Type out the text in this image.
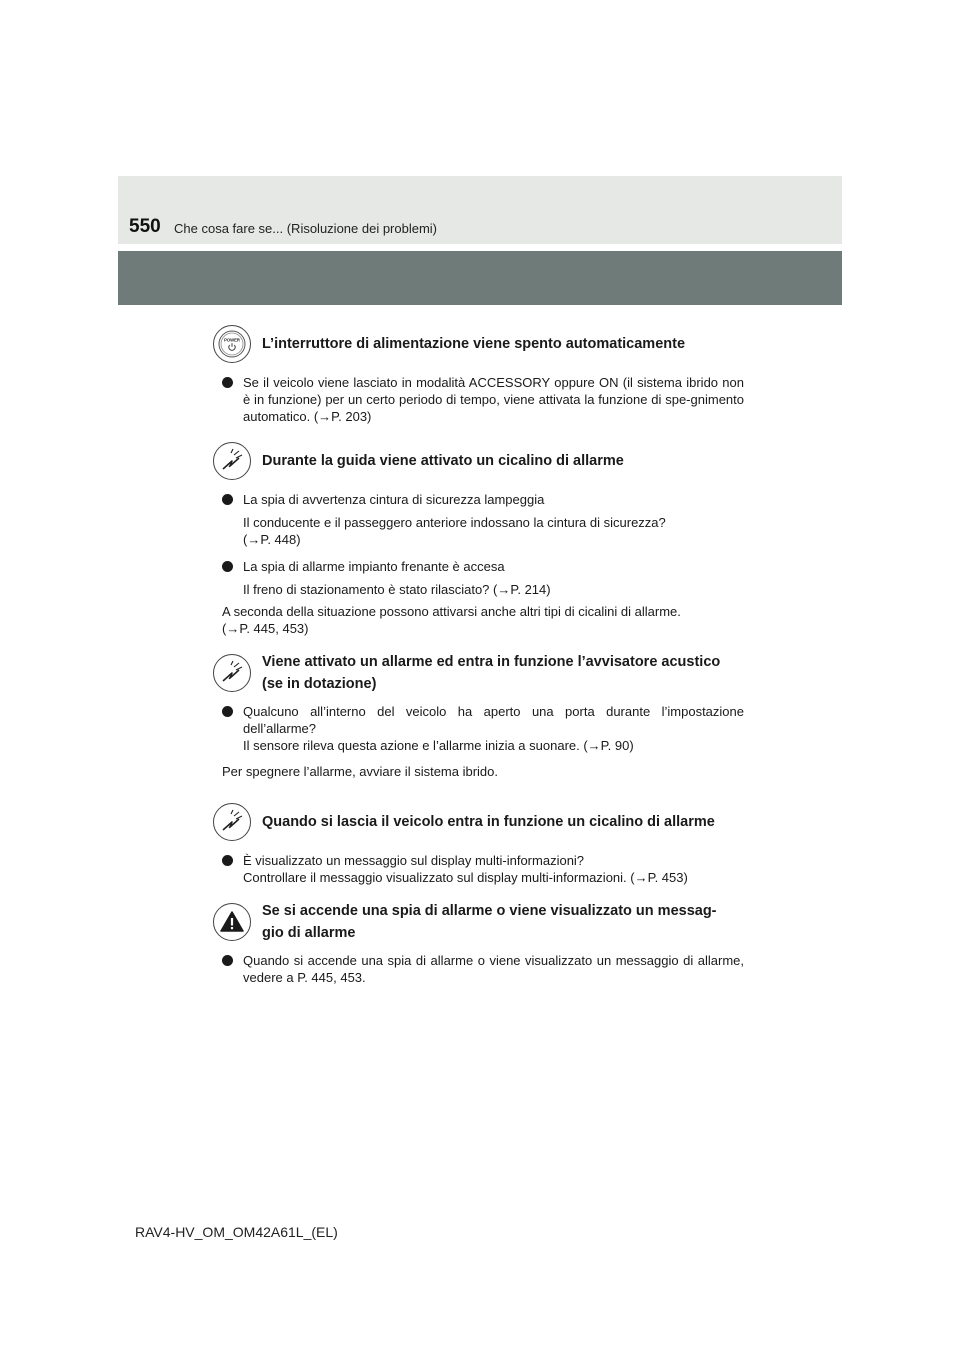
550 Che cosa fare se... (Risoluzione dei problemi)
POWER L’interruttore di alimentazione viene spento automaticamente
Se il veicolo viene lasciato in modalità ACCESSORY oppure ON (il sistema ibrido non è in funzione) per un certo periodo di tempo, viene attivata la funzione di spe-gnimento automatico. (→P. 203)
Durante la guida viene attivato un cicalino di allarme
La spia di avvertenza cintura di sicurezza lampeggia
Il conducente e il passeggero anteriore indossano la cintura di sicurezza?
(→P. 448)
La spia di allarme impianto frenante è accesa
Il freno di stazionamento è stato rilasciato? (→P. 214)
A seconda della situazione possono attivarsi anche altri tipi di cicalini di allarme.
(→P. 445, 453)
Viene attivato un allarme ed entra in funzione l’avvisatore acustico
(se in dotazione)
Qualcuno all’interno del veicolo ha aperto una porta durante l’impostazione
dell’allarme?
Il sensore rileva questa azione e l’allarme inizia a suonare. (→P. 90)
Per spegnere l’allarme, avviare il sistema ibrido.
Quando si lascia il veicolo entra in funzione un cicalino di allarme
È visualizzato un messaggio sul display multi-informazioni?
Controllare il messaggio visualizzato sul display multi-informazioni. (→P. 453)
Se si accende una spia di allarme o viene visualizzato un messag-
gio di allarme
Quando si accende una spia di allarme o viene visualizzato un messaggio di allarme, vedere a P. 445, 453.
RAV4-HV_OM_OM42A61L_(EL)
